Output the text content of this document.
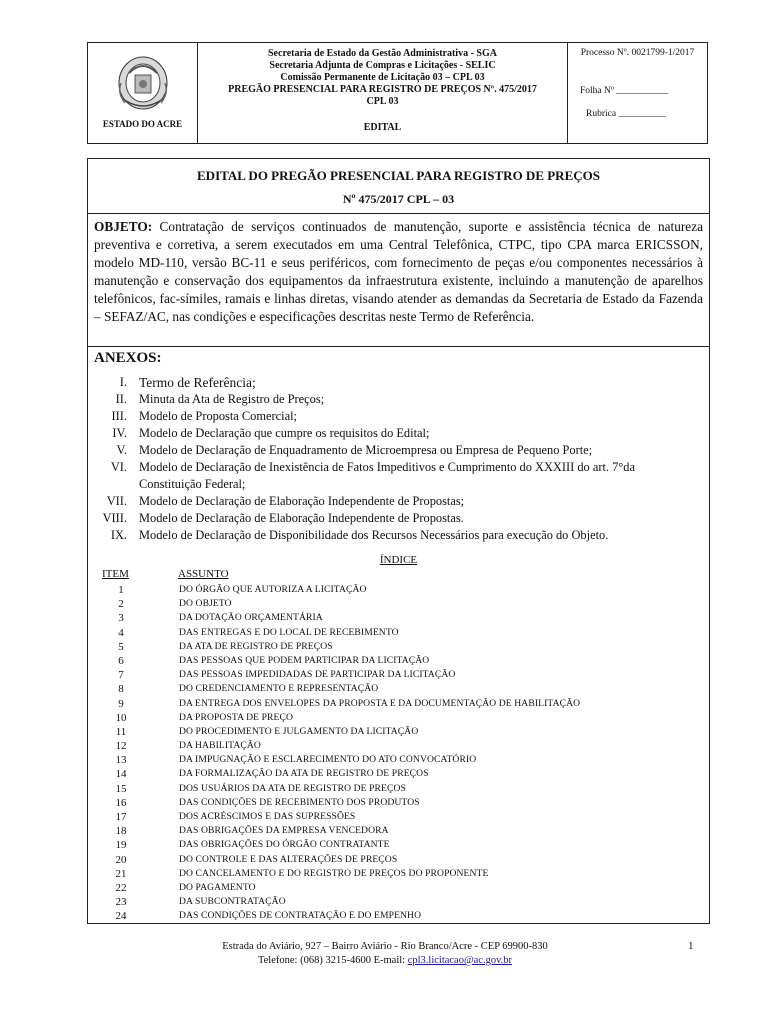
ESTADO DO ACRE
Secretaria de Estado da Gestão Administrativa - SGA
Secretaria Adjunta de Compras e Licitações - SELIC
Comissão Permanente de Licitação 03 – CPL 03
PREGÃO PRESENCIAL PARA REGISTRO DE PREÇOS Nº. 475/2017
CPL 03
EDITAL
Processo Nº. 0021799-1/2017
Folha Nº ___________
Rubrica __________
EDITAL DO PREGÃO PRESENCIAL PARA REGISTRO DE PREÇOS
Nº 475/2017 CPL – 03
OBJETO: Contratação de serviços continuados de manutenção, suporte e assistência técnica de natureza preventiva e corretiva, a serem executados em uma Central Telefônica, CTPC, tipo CPA marca ERICSSON, modelo MD-110, versão BC-11 e seus periféricos, com fornecimento de peças e/ou componentes necessários à manutenção e conservação dos equipamentos da infraestrutura existente, incluindo a manutenção de aparelhos telefônicos, fac-símiles, ramais e linhas diretas, visando atender as demandas da Secretaria de Estado da Fazenda – SEFAZ/AC, nas condições e especificações descritas neste Termo de Referência.
ANEXOS:
I. Termo de Referência;
II. Minuta da Ata de Registro de Preços;
III. Modelo de Proposta Comercial;
IV. Modelo de Declaração que cumpre os requisitos do Edital;
V. Modelo de Declaração de Enquadramento de Microempresa ou Empresa de Pequeno Porte;
VI. Modelo de Declaração de Inexistência de Fatos Impeditivos e Cumprimento do XXXIII do art. 7°da
Constituição Federal;
VII. Modelo de Declaração de Elaboração Independente de Propostas;
VIII. Modelo de Declaração de Elaboração Independente de Propostas.
IX. Modelo de Declaração de Disponibilidade dos Recursos Necessários para execução do Objeto.
ÍNDICE
ITEM	ASSUNTO
1	DO ÓRGÃO QUE AUTORIZA A LICITAÇÃO
2	DO OBJETO
3	DA DOTAÇÃO ORÇAMENTÁRIA
4	DAS ENTREGAS E DO LOCAL DE RECEBIMENTO
5	DA ATA DE REGISTRO DE PREÇOS
6	DAS PESSOAS QUE PODEM PARTICIPAR DA LICITAÇÃO
7	DAS PESSOAS IMPEDIDADAS DE PARTICIPAR DA LICITAÇÃO
8	DO CREDENCIAMENTO E REPRESENTAÇÃO
9	DA ENTREGA DOS ENVELOPES DA PROPOSTA E DA DOCUMENTAÇÃO DE HABILITAÇÃO
10	DA PROPOSTA DE PREÇO
11	DO PROCEDIMENTO E JULGAMENTO DA LICITAÇÃO
12	DA HABILITAÇÃO
13	DA IMPUGNAÇÃO E ESCLARECIMENTO DO ATO CONVOCATÓRIO
14	DA FORMALIZAÇÃO DA ATA DE REGISTRO DE PREÇOS
15	DOS USUÁRIOS DA ATA DE REGISTRO DE PREÇOS
16	DAS CONDIÇÕES DE RECEBIMENTO DOS PRODUTOS
17	DOS ACRÉSCIMOS E DAS SUPRESSÕES
18	DAS OBRIGAÇÕES DA EMPRESA VENCEDORA
19	DAS OBRIGAÇÕES DO ÓRGÃO CONTRATANTE
20	DO CONTROLE E DAS ALTERAÇÕES DE PREÇOS
21	DO CANCELAMENTO E DO REGISTRO DE PREÇOS DO PROPONENTE
22	DO PAGAMENTO
23	DA SUBCONTRATAÇÃO
24	DAS CONDIÇÕES DE CONTRATAÇÃO E DO EMPENHO
Estrada do Aviário, 927 – Bairro Aviário - Rio Branco/Acre - CEP 69900-830
Telefone: (068) 3215-4600 E-mail: cpl3.licitacao@ac.gov.br
1
